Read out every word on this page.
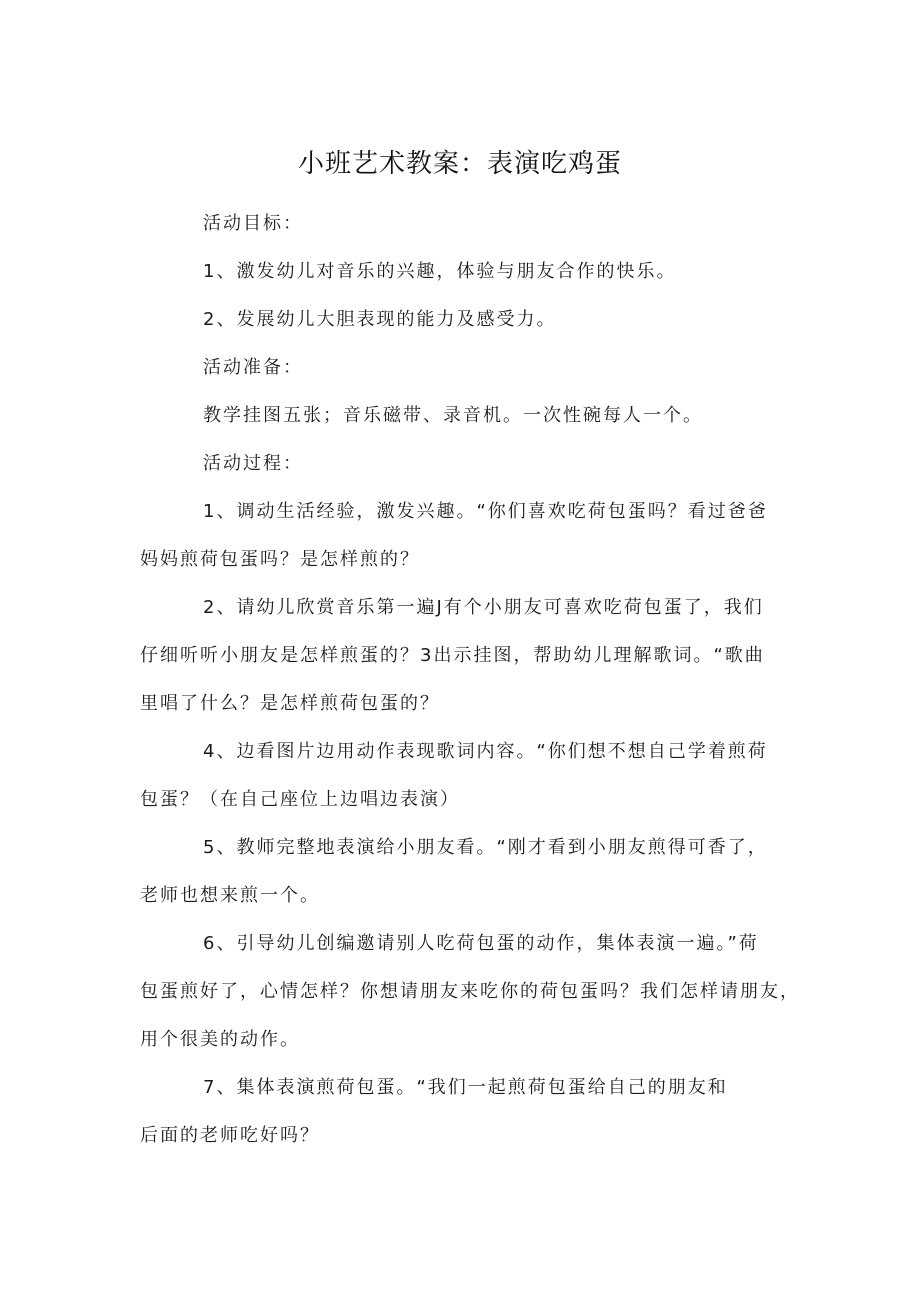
小班艺术教案：表演吃鸡蛋

活动目标：

1、激发幼儿对音乐的兴趣，体验与朋友合作的快乐。

2、发展幼儿大胆表现的能力及感受力。

活动准备：

教学挂图五张；音乐磁带、录音机。一次性碗每人一个。

活动过程：

1、调动生活经验，激发兴趣。“你们喜欢吃荷包蛋吗？看过爸爸
妈妈煎荷包蛋吗？是怎样煎的？

2、请幼儿欣赏音乐第一遍J有个小朋友可喜欢吃荷包蛋了，我们
仔细听听小朋友是怎样煎蛋的？3出示挂图，帮助幼儿理解歌词。“歌曲
里唱了什么？是怎样煎荷包蛋的？

4、边看图片边用动作表现歌词内容。“你们想不想自己学着煎荷
包蛋？（在自己座位上边唱边表演）

5、教师完整地表演给小朋友看。“刚才看到小朋友煎得可香了，
老师也想来煎一个。

6、引导幼儿创编邀请别人吃荷包蛋的动作，集体表演一遍。”荷
包蛋煎好了，心情怎样？你想请朋友来吃你的荷包蛋吗？我们怎样请朋友，
用个很美的动作。

7、集体表演煎荷包蛋。“我们一起煎荷包蛋给自己的朋友和
后面的老师吃好吗？
